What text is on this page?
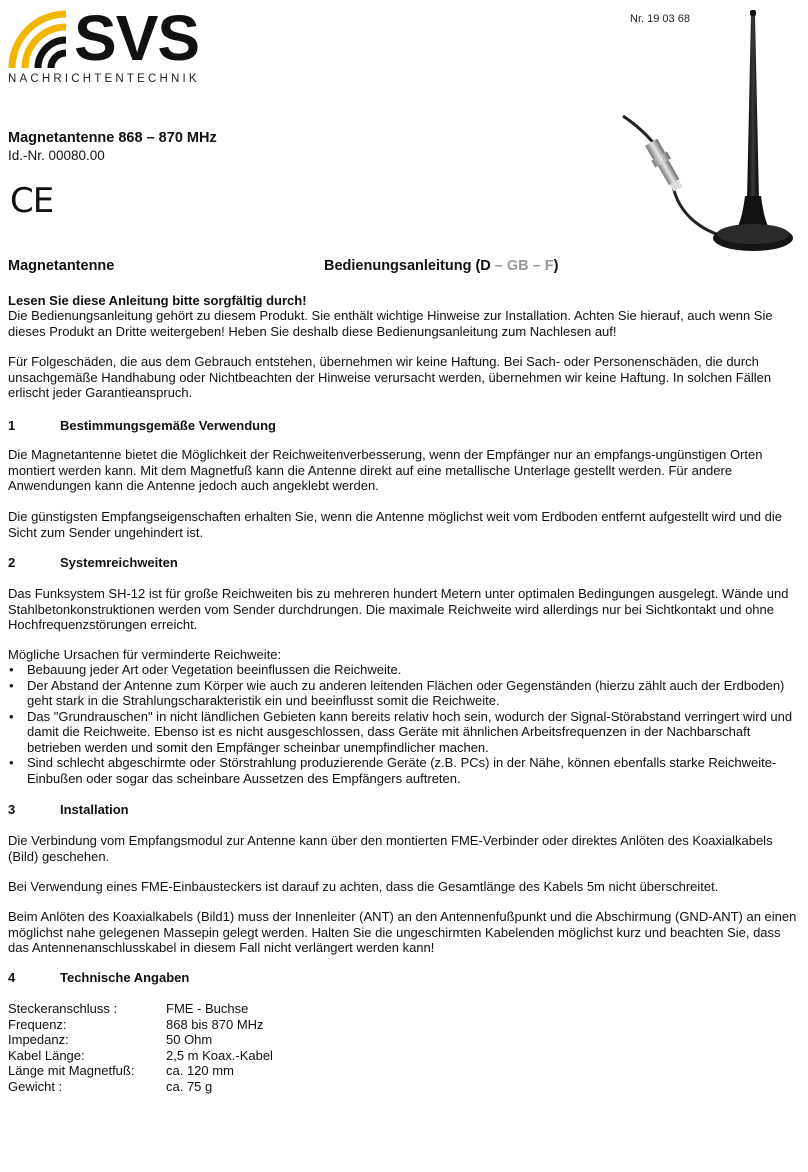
SVS
NACHRICHTENTECHNIK
Nr. 19 03 68
Magnetantenne 868 – 870 MHz
Id.-Nr. 00080.00
CE
Magnetantenne	Bedienungsanleitung (D – GB – F)
Lesen Sie diese Anleitung bitte sorgfältig durch!
Die Bedienungsanleitung gehört zu diesem Produkt. Sie enthält wichtige Hinweise zur Installation. Achten Sie hierauf, auch wenn Sie dieses Produkt an Dritte weitergeben! Heben Sie deshalb diese Bedienungsanleitung zum Nachlesen auf!
Für Folgeschäden, die aus dem Gebrauch entstehen, übernehmen wir keine Haftung. Bei Sach- oder Personenschäden, die durch unsachgemäße Handhabung oder Nichtbeachten der Hinweise verursacht werden, übernehmen wir keine Haftung. In solchen Fällen erlischt jeder Garantieanspruch.
1	Bestimmungsgemäße Verwendung
Die Magnetantenne bietet die Möglichkeit der Reichweitenverbesserung, wenn der Empfänger nur an empfangs-ungünstigen Orten montiert werden kann. Mit dem Magnetfuß kann die Antenne direkt auf eine metallische Unterlage gestellt werden. Für andere Anwendungen kann die Antenne jedoch auch angeklebt werden.
Die günstigsten Empfangseigenschaften erhalten Sie, wenn die Antenne möglichst weit vom Erdboden entfernt aufgestellt wird und die Sicht zum Sender ungehindert ist.
2	Systemreichweiten
Das Funksystem SH-12 ist für große Reichweiten bis zu mehreren hundert Metern unter optimalen Bedingungen ausgelegt. Wände und Stahlbetonkonstruktionen werden vom Sender durchdrungen. Die maximale Reichweite wird allerdings nur bei Sichtkontakt und ohne Hochfrequenzstörungen erreicht.
Mögliche Ursachen für verminderte Reichweite:
• Bebauung jeder Art oder Vegetation beeinflussen die Reichweite.
• Der Abstand der Antenne zum Körper wie auch zu anderen leitenden Flächen oder Gegenständen (hierzu zählt auch der Erdboden) geht stark in die Strahlungscharakteristik ein und beeinflusst somit die Reichweite.
• Das "Grundrauschen" in nicht ländlichen Gebieten kann bereits relativ hoch sein, wodurch der Signal-Störabstand verringert wird und damit die Reichweite. Ebenso ist es nicht ausgeschlossen, dass Geräte mit ähnlichen Arbeitsfrequenzen in der Nachbarschaft betrieben werden und somit den Empfänger scheinbar unempfindlicher machen.
• Sind schlecht abgeschirmte oder Störstrahlung produzierende Geräte (z.B. PCs) in der Nähe, können ebenfalls starke Reichweite-Einbußen oder sogar das scheinbare Aussetzen des Empfängers auftreten.
3	Installation
Die Verbindung vom Empfangsmodul zur Antenne kann über den montierten FME-Verbinder oder direktes Anlöten des Koaxialkabels (Bild) geschehen.
Bei Verwendung eines FME-Einbausteckers ist darauf zu achten, dass die Gesamtlänge des Kabels 5m nicht überschreitet.
Beim Anlöten des Koaxialkabels (Bild1) muss der Innenleiter (ANT) an den Antennenfußpunkt und die Abschirmung (GND-ANT) an einen möglichst nahe gelegenen Massepin gelegt werden. Halten Sie die ungeschirmten Kabelenden möglichst kurz und beachten Sie, dass das Antennenanschlusskabel in diesem Fall nicht verlängert werden kann!
4	Technische Angaben
Steckeranschluss :	FME - Buchse
Frequenz:	868 bis 870 MHz
Impedanz:	50 Ohm
Kabel Länge:	2,5 m Koax.-Kabel
Länge mit Magnetfuß: ca. 120 mm
Gewicht :	ca. 75 g
